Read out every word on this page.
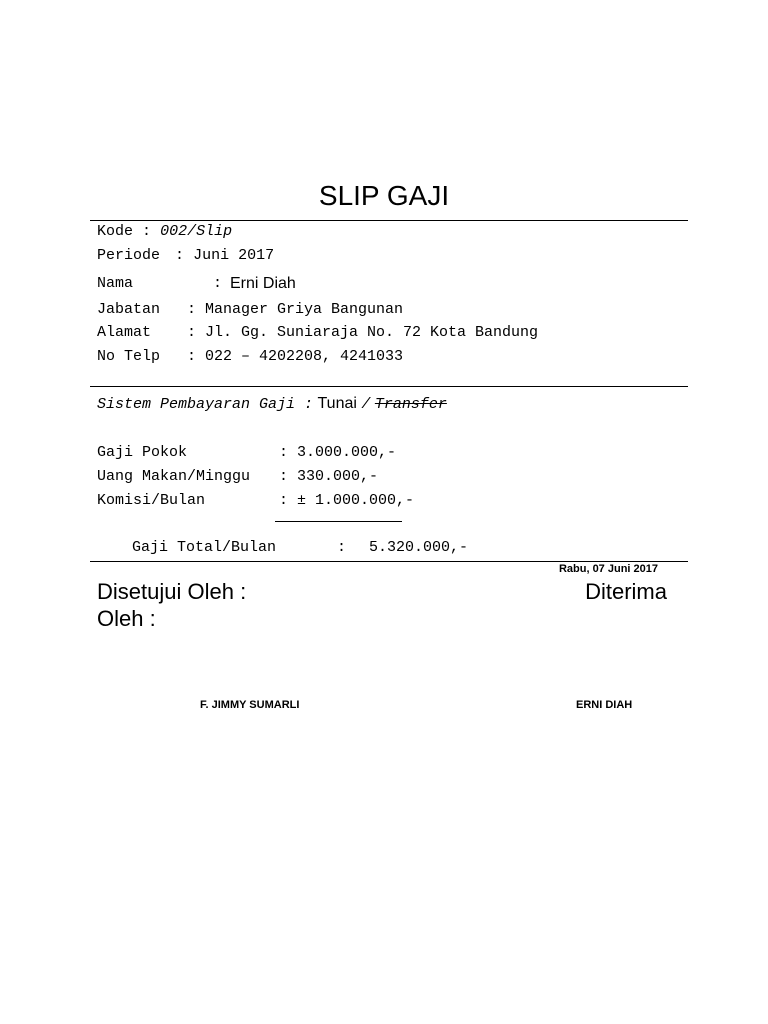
SLIP GAJI
Kode : 002/Slip
Periode : Juni 2017
Nama	: Erni Diah
Jabatan : Manager Griya Bangunan
Alamat : Jl. Gg. Suniaraja No. 72 Kota Bandung
No Telp : 022 – 4202208, 4241033
Sistem Pembayaran Gaji : Tunai / Transfer
Gaji Pokok	: 3.000.000,-
Uang Makan/Minggu : 330.000,-
Komisi/Bulan	: ± 1.000.000,-
Gaji Total/Bulan	: 5.320.000,-
Rabu, 07 Juni 2017
Disetujui Oleh :	Diterima
Oleh :
F. JIMMY SUMARLI	ERNI DIAH
